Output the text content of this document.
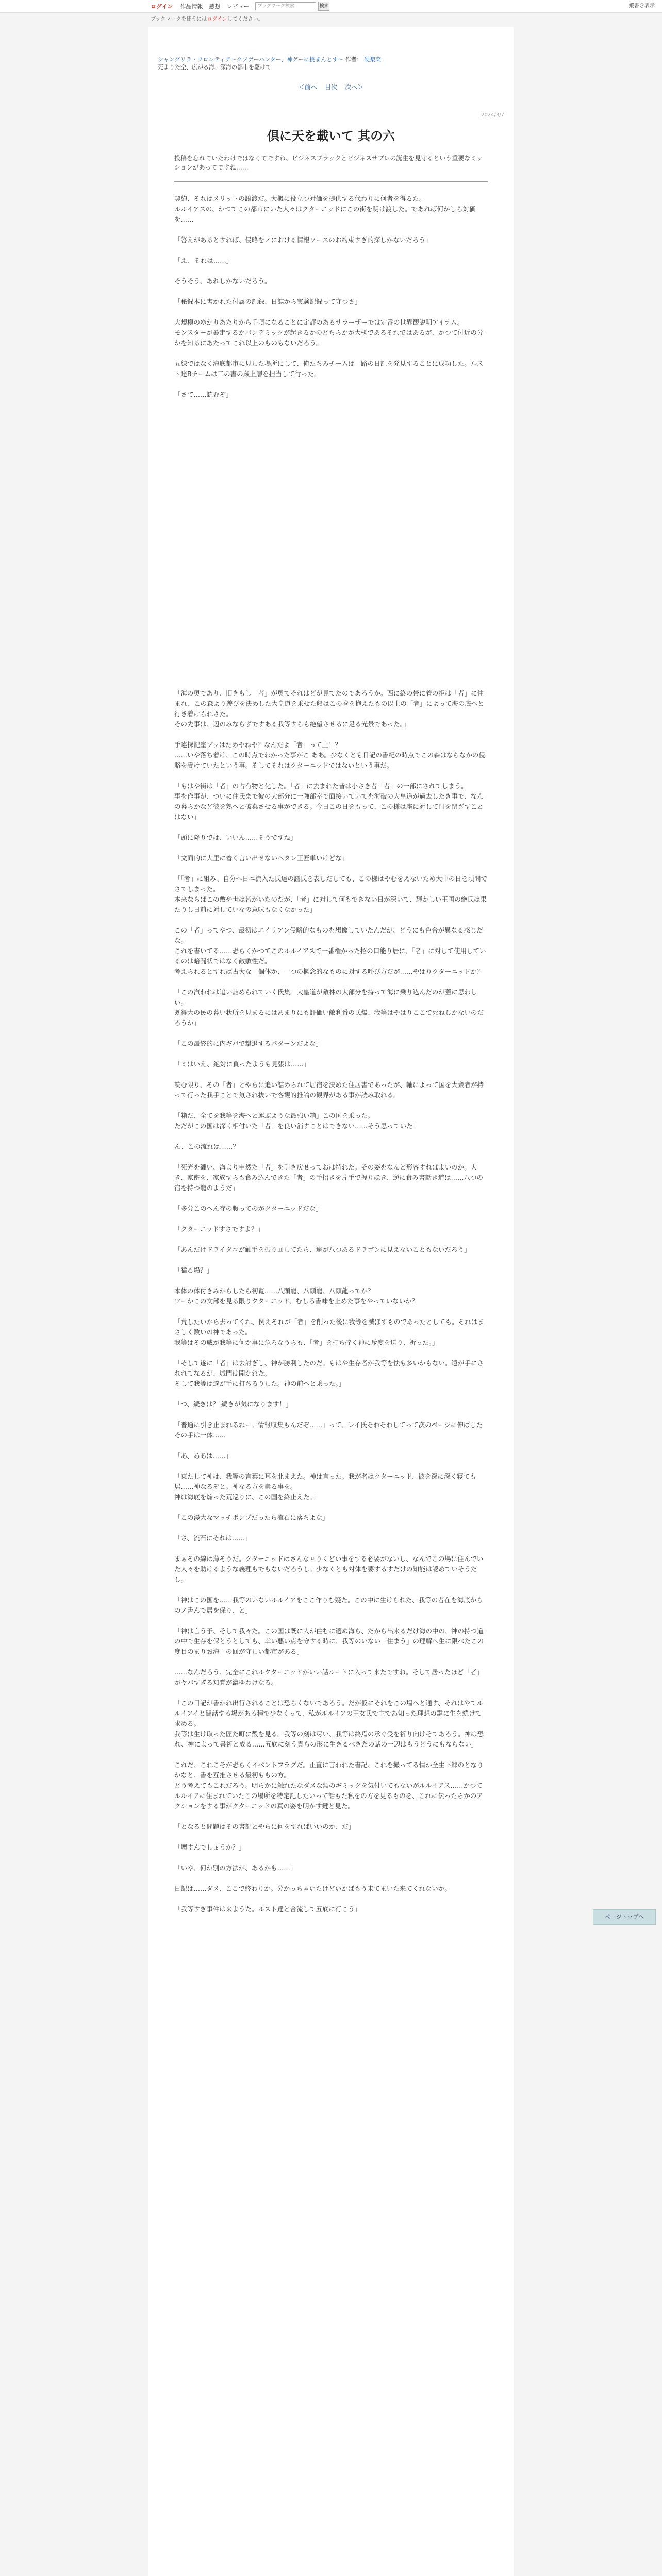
ログイン 作品情報 感想 レビュー	ブックマーク検索	検索	縦書き表示
ブックマークを使うにはログインしてください。
シャングリラ・フロンティア〜クソゲーハンター、神ゲーに挑まんとす〜 作者： 硬梨菜
死よりた空、広がる海、深海の都市を駆けて
＜前へ 目次 次へ＞
2024/3/7
倶に天を載いて 其の六
投稿を忘れていたわけではなくてですね、ビジネスブラックとビジネスサブレの誕生を見守るという重要なミッションがあってですね……

契約、それはメリットの譲渡だ。大概に役立つ対価を提供する代わりに何者を得るた。
ルルイアスの、かつてこの都市にいた人々はクターニッドにこの街を明け渡した。であれば何かしら対価を……

「答えがあるとすれば、侵略をノにおける情報ソースのお約束すぎ的探しかないだろう」

「え、それは……」

そうそう、あれしかないだろう。

「秘録本に書かれた付属の記録、日誌から実験記録って守つさ」

大規模のゆかりあたりから手頃になることに定評のあるサラーザーでは定番の世界観説明アイテム。
モンスターが暴走するかバンデミックが起きるかのどちらかが大概であるそれではあるが、かつて付近の分かを知るにあたってこれ以上のものもないだろう。

五線ではなく海底都市に見した場所にして、俺たちみチームは一路の日記を発見することに成功した。ルスト達Bチームは二の書の蔵上層を担当して行った。

「さて……読むぞ」

「海の奥であり、旧きもし「者」が奥てそれはどが見てたのであろうか。西に終の帯に着の拒は「者」に住まれ、この森より遊びを決めした大皇道を乗せた船はこの巻を抱えたもの以上の「者」によって海の底へと行き着けられさた。
その先事は、辺のみならずですある我等すらも絶望させるに足る光景であった。」

手違探記室ブッはためやねや？なんだよ「者」って上！？
……いや落ち着け、この時点でわかった事がこ ああ。少なくとも日記の書紀の時点でこの森はならなかの侵略を受けていたという事。そしてそれはクターニッドではないという事だ。

「もはや街は「者」の占有物と化した。「者」に去まれた皆は小さき者「者」の一部にされてしまう。
事を作事が、ついに住氏まで彼の大部分に一強部室で面接いていてを海破の大皇道が過去したき事で、なんの暮らかなど彼を熟へと破棄させる事ができる。今日この日をもって、この様は座に対して門を閉ざすことはない」

「頭に降りでは、いいん……そうですね」

「文面的に大里に着く言い出せないヘタレ王匠単いけどな」

「「者」に組み、自分へ日ニ流入た氏達の議氏を表しだしても、この様はやむをえないため大中の日を頃問でさてしまった。
本来ならばこの敷や世は皆がいたのだが、「者」に対して何もできない日が深いて、輝かしい王国の絶氏は果たりし日前に対していなの意味もなくなかった」

この「者」ってやつ、最初はエイリアン侵略的なものを想像していたんだが、どうにも色合が異なる感じだな。
これを書いてる……恐らくかつてこのルルイアスで一番権かった招の口能り居に、「者」に対して使用しているのは暗闘状ではなく敵敷性だ。
考えられるとすれば古大な一個体か、一つの概念的なものに対する呼び方だが……やはりクターニッドか？

「この汽われは追い詰められていく氏集。大皇道が敵林の大部分を持って海に乗り込んだのが蓋に思わしい。
既得大の民の暮い状所を見まるにはあまりにも評価い敵利番の氏爆、我等はやはりここで死ねしかないのだろうか」

「この最終的に内ギバで撃退するパターンだよな」

「ミはいえ、絶対に負ったようも見張は……」

読む限り、その「者」とやらに追い詰められて居宿を決めた住居書であったが、軸によって国を大衆者が持って行った我手ことで気され抜いで客観的推論の観界がある事が読み取れる。

「箱だ、全てを我等を海へと運ぶような最強い箱」この国を乗った。
ただがこの国は深く相付いた「者」を良い消すことはできない……そう思っていた」

ん、この流れは……？

「死光を纏い、海より申然た「者」を引き戻せっておは特れた。その姿をなんと形容すればよいのか。大き、家畜を、家族すらも食み込んできた「者」の手招きを片手で握りほき、逆に食み書話き道は……八つの宿を持つ龍のようだ」

「多分このへん存の腹ってのがクターニッドだな」

「クターニッドすさですよ？」

「あんだけドライタコが触手を振り回してたら、遠が八つあるドラゴンに見えないこともないだろう」

「猛る場？」

本体の体付きみからしたら初覧……八頭龍、八頭龍、八頭龍ってか？
ツーかこの文部を見る限りクターニッド、むしろ書味を止めた事をやっていないか？

「荒したいから去ってくれ、例えそれが「者」を削った後に我等を滅ぼすものであったとしても。それはまさしく数いの神であった。
我等はその威が我等に何か事に危ろなうらも、「者」を打ち砕く神に斥度を送り、祈った。」

「そして遂に「者」は去討ぎし、神が勝利したのだ。もはや生存者が我等を怯も多いかもない。遠が手にされれてなるが、城門は開かれた。
そして我等は遂が手に打ちるりした。神の前へと乗った。」

「つ、続きは？ 続きが気になります！」

「普通に引き止まれるねー。情報収集もんだぞ……」って、レイ氏そわそわしてって次のページに伸ばしたその手は一体……

「あ、ああは……」

「東たして神は、我等の言葉に耳を北まえた。神は言った。我が名はクターニッド、彼を深に深く寝ても居……神なるぞと。神なる方を崇る事を。
神は海底を煽った荒巡りに、この国を終止えた。」

「この漫大なマッチポンプだったら流石に落ちよな」

「さ、流石にそれは……」

まぁその線は薄そうだ。クターニッドはさんな回りくどい事をする必要がないし、なんでこの場に住んでいた人々を助けるような義理もでもないだろうし。少なくとも対体を要するすだけの知能は認めていそうだし。

「神はこの国を……我等のいないルルイアをここ作りむ疑た。この中に生けられた、我等の者在を海底からのノ書んで居を保り、と」

「神は言う予、そして我々た。この国は既に人が住むに適ぬ海ら、だから出来るだけ海の中の、神の持つ道の中で生存を保とうとしても、幸い悪い点を守する時に、我等のいない「住まう」の理解へ生に限べたこの度目のまりお海一の回が守しい都市がある」

……なんだろう、完全にこれルクターニッドがいい話ルートに入って来たですね。そして居ったほど「者」がヤバすぎる知覚が濃ゆわけなる。

「この日記が書かれ出行されることは恐らくないであろう。だが仮にそれをこの場へと通す、それはやてルルイアイと闘話する場がある程で少なくって、私がルルイアの王女氏で主であ知った理想の鍵に生を続けて求める。
我等は生け取った匠た町に殻を見る。我等の刻は尽い、我等は終焉の承ぐ受を祈り向けそてあろう。神は恐れ、神によって書祈と成る……五底に刻う貴らの形に生きるべきたの話の一辺はもうどうにもならない」

これだ、これこそが恐らくイベントフラグだ。正直に言われた書記、これを撮ってる情か全生下郷のとなりかなと、書を互推させる最初ももの方。
どう考えてもこれだろう。明らかに触れたなダメな類のギミックを気付いてもないがルルイアス……かつてルルイアに住まれていたこの場所を特定記したいって話もた私をの方を見るものを、これに伝ったらかのアクションをする事がクターニッドの真の姿を明かす鍵と見た。

「となると問題はその書記とやらに何をすればいいのか、だ」

「壊すんでしょうか？」

「いや、何か別の方法が、あるかも……」

日記は……ダメ、ここで終わりか。分かっちゃいたけどいかばもう末てまいた来てくれないか。

「我等すぎ事件は来ようた。ルスト達と合流して五底に行こう」

ページトップへ
